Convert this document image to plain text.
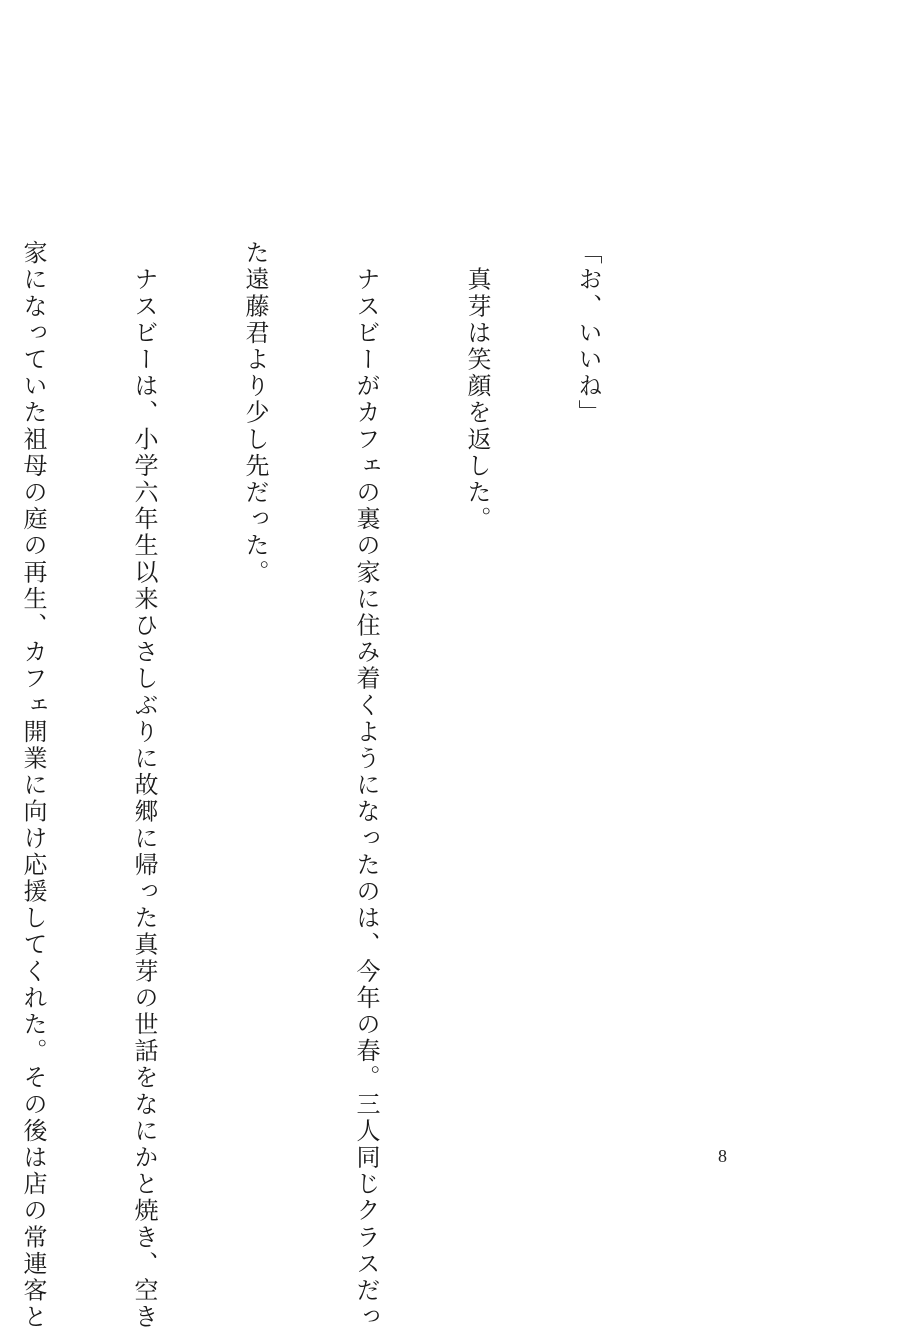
「お、いいね」

　真芽は笑顔を返した。

　ナスビーがカフェの裏の家に住み着くようになったのは、今年の春。三人同じクラスだっ

た遠藤君より少し先だった。

　ナスビーは、小学六年生以来ひさしぶりに故郷に帰った真芽の世話をなにかと焼き、空き

家になっていた祖母の庭の再生、カフェ開業に向け応援してくれた。その後は店の常連客と

	8
